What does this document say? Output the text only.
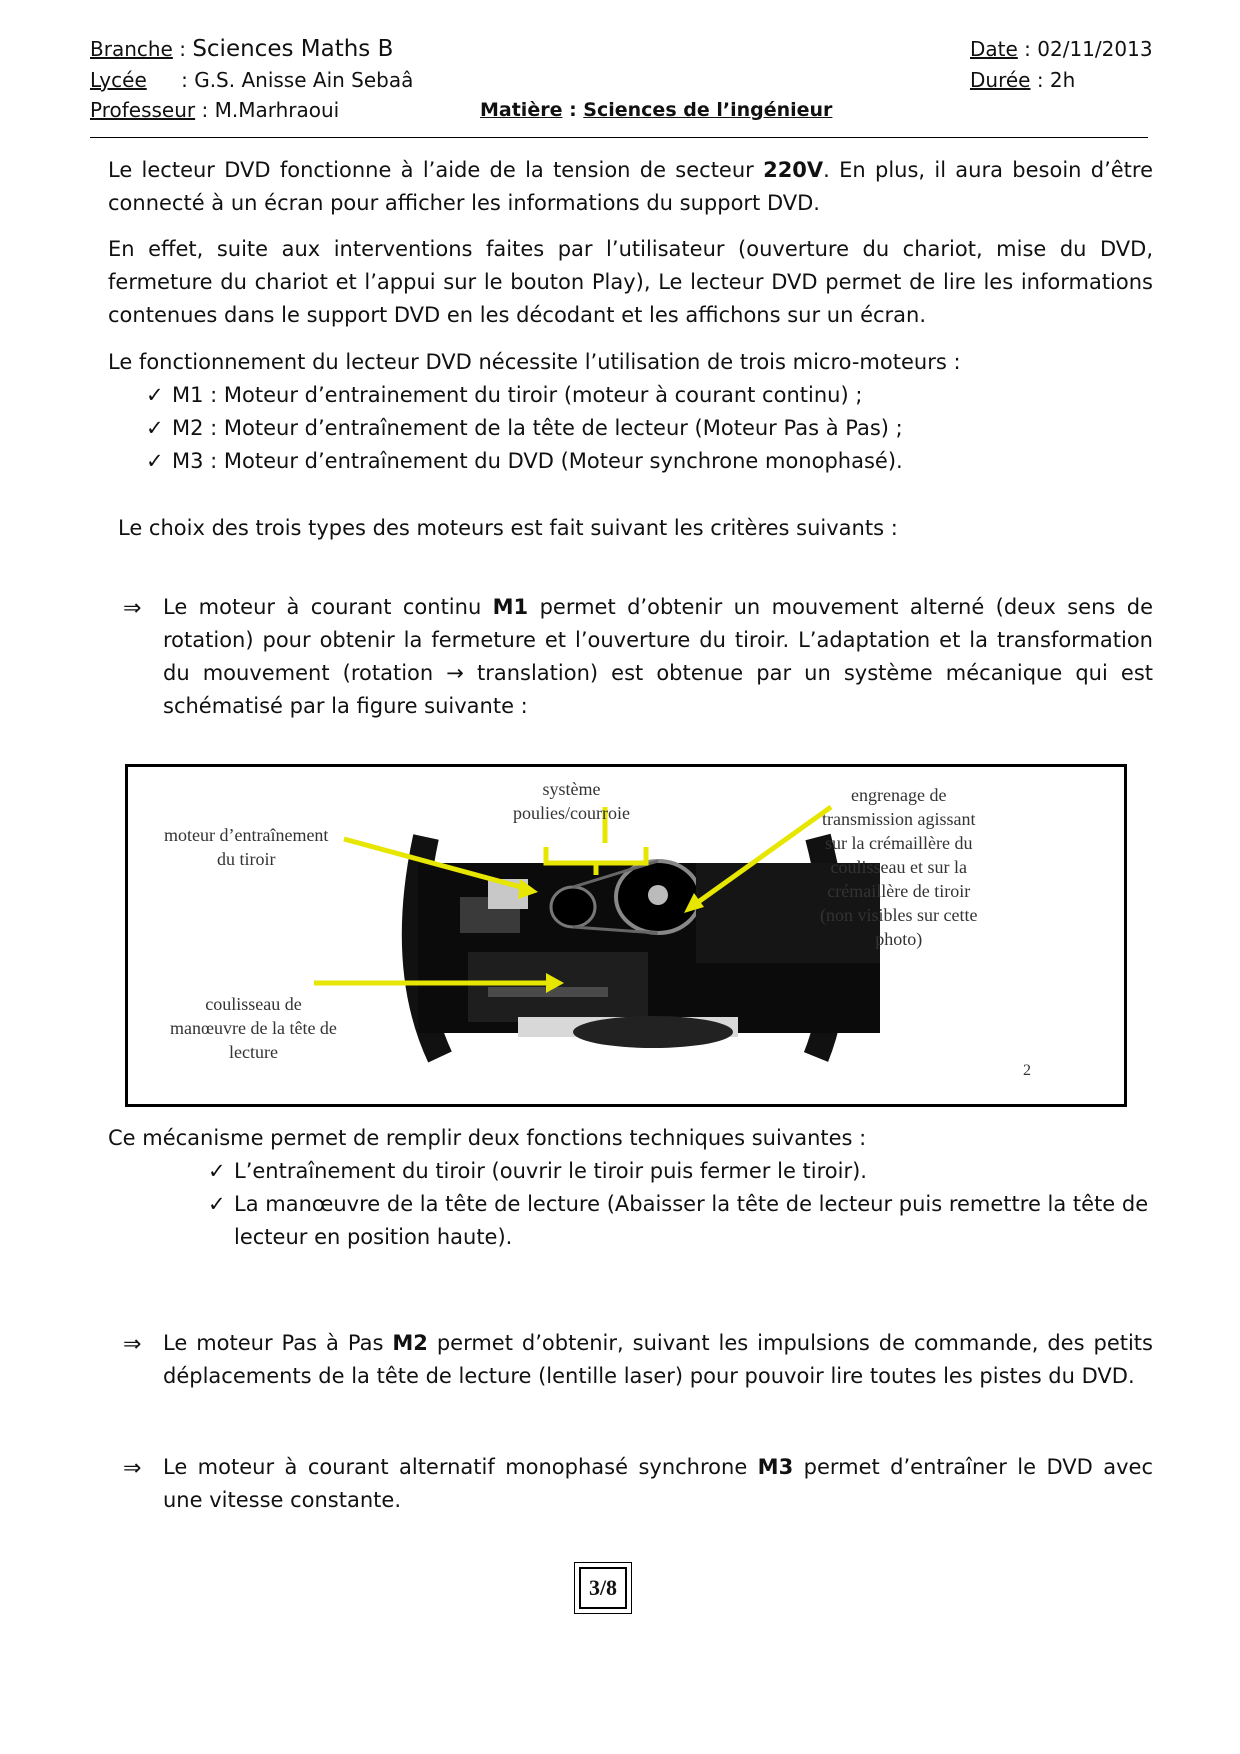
Branche : Sciences Maths B
Lycée : G.S. Anisse Ain Sebaâ
Professeur : M.Marhraoui	Matière : Sciences de l’ingénieur
Date : 02/11/2013
Durée : 2h
Le lecteur DVD fonctionne à l’aide de la tension de secteur 220V. En plus, il aura besoin d’être connecté à un écran pour afficher les informations du support DVD.
En effet, suite aux interventions faites par l’utilisateur (ouverture du chariot, mise du DVD, fermeture du chariot et l’appui sur le bouton Play), Le lecteur DVD permet de lire les informations contenues dans le support DVD en les décodant et les affichons sur un écran.
Le fonctionnement du lecteur DVD nécessite l’utilisation de trois micro-moteurs :
✓ M1 : Moteur d’entrainement du tiroir (moteur à courant continu) ;
✓ M2 : Moteur d’entraînement de la tête de lecteur (Moteur Pas à Pas) ;
✓ M3 : Moteur d’entraînement du DVD (Moteur synchrone monophasé).
Le choix des trois types des moteurs est fait suivant les critères suivants :
⇒ Le moteur à courant continu M1 permet d’obtenir un mouvement alterné (deux sens de rotation) pour obtenir la fermeture et l’ouverture du tiroir. L’adaptation et la transformation du mouvement (rotation → translation) est obtenue par un système mécanique qui est schématisé par la figure suivante :
moteur d’entraînement
du tiroir
système
poulies/courroie
engrenage de
transmission agissant
sur la crémaillère du
coulisseau et sur la
crémaillère de tiroir
(non visibles sur cette
photo)
coulisseau de
manœuvre de la tête de
lecture
2
Ce mécanisme permet de remplir deux fonctions techniques suivantes :
✓ L’entraînement du tiroir (ouvrir le tiroir puis fermer le tiroir).
✓ La manœuvre de la tête de lecture (Abaisser la tête de lecteur puis remettre la tête de
lecteur en position haute).
⇒ Le moteur Pas à Pas M2 permet d’obtenir, suivant les impulsions de commande, des petits déplacements de la tête de lecture (lentille laser) pour pouvoir lire toutes les pistes du DVD.
⇒ Le moteur à courant alternatif monophasé synchrone M3 permet d’entraîner le DVD avec une vitesse constante.
3/8
